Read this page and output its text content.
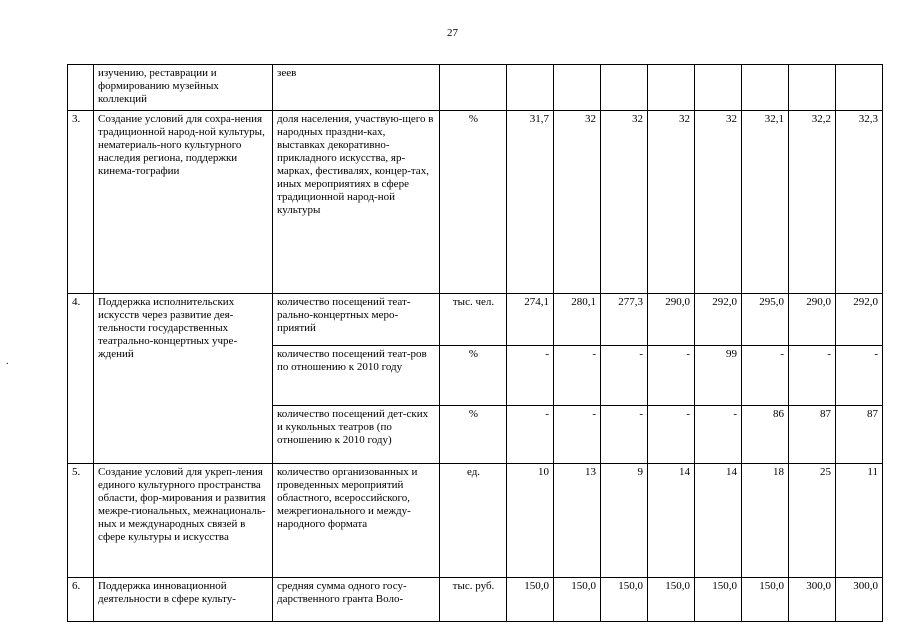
27
.
	изучению, реставрации и формированию музейных коллекций	зеев									
3.	Создание условий для сохра-нения традиционной народ-ной культуры, нематериаль-ного культурного наследия региона, поддержки кинема-тографии	доля населения, участвую-щего в народных праздни-ках, выставках декоративно-прикладного искусства, яр-марках, фестивалях, концер-тах, иных мероприятиях в сфере традиционной народ-ной культуры	%	31,7	32	32	32	32	32,1	32,2	32,3
4.	Поддержка исполнительских искусств через развитие дея-тельности государственных театрально-концертных учре-ждений	количество посещений теат-рально-концертных меро-приятий	тыс. чел.	274,1	280,1	277,3	290,0	292,0	295,0	290,0	292,0
		количество посещений теат-ров по отношению к 2010 году	%	-	-	-	-	99	-	-	-
		количество посещений дет-ских и кукольных театров (по отношению к 2010 году)	%	-	-	-	-	-	86	87	87
5.	Создание условий для укреп-ления единого культурного пространства области, фор-мирования и развития межре-гиональных, межнациональ-ных и международных связей в сфере культуры и искусства	количество организованных и проведенных мероприятий областного, всероссийского, межрегионального и между-народного формата	ед.	10	13	9	14	14	18	25	11
6.	Поддержка инновационной деятельности в сфере культу-	средняя сумма одного госу-дарственного гранта Воло-	тыс. руб.	150,0	150,0	150,0	150,0	150,0	150,0	300,0	300,0
